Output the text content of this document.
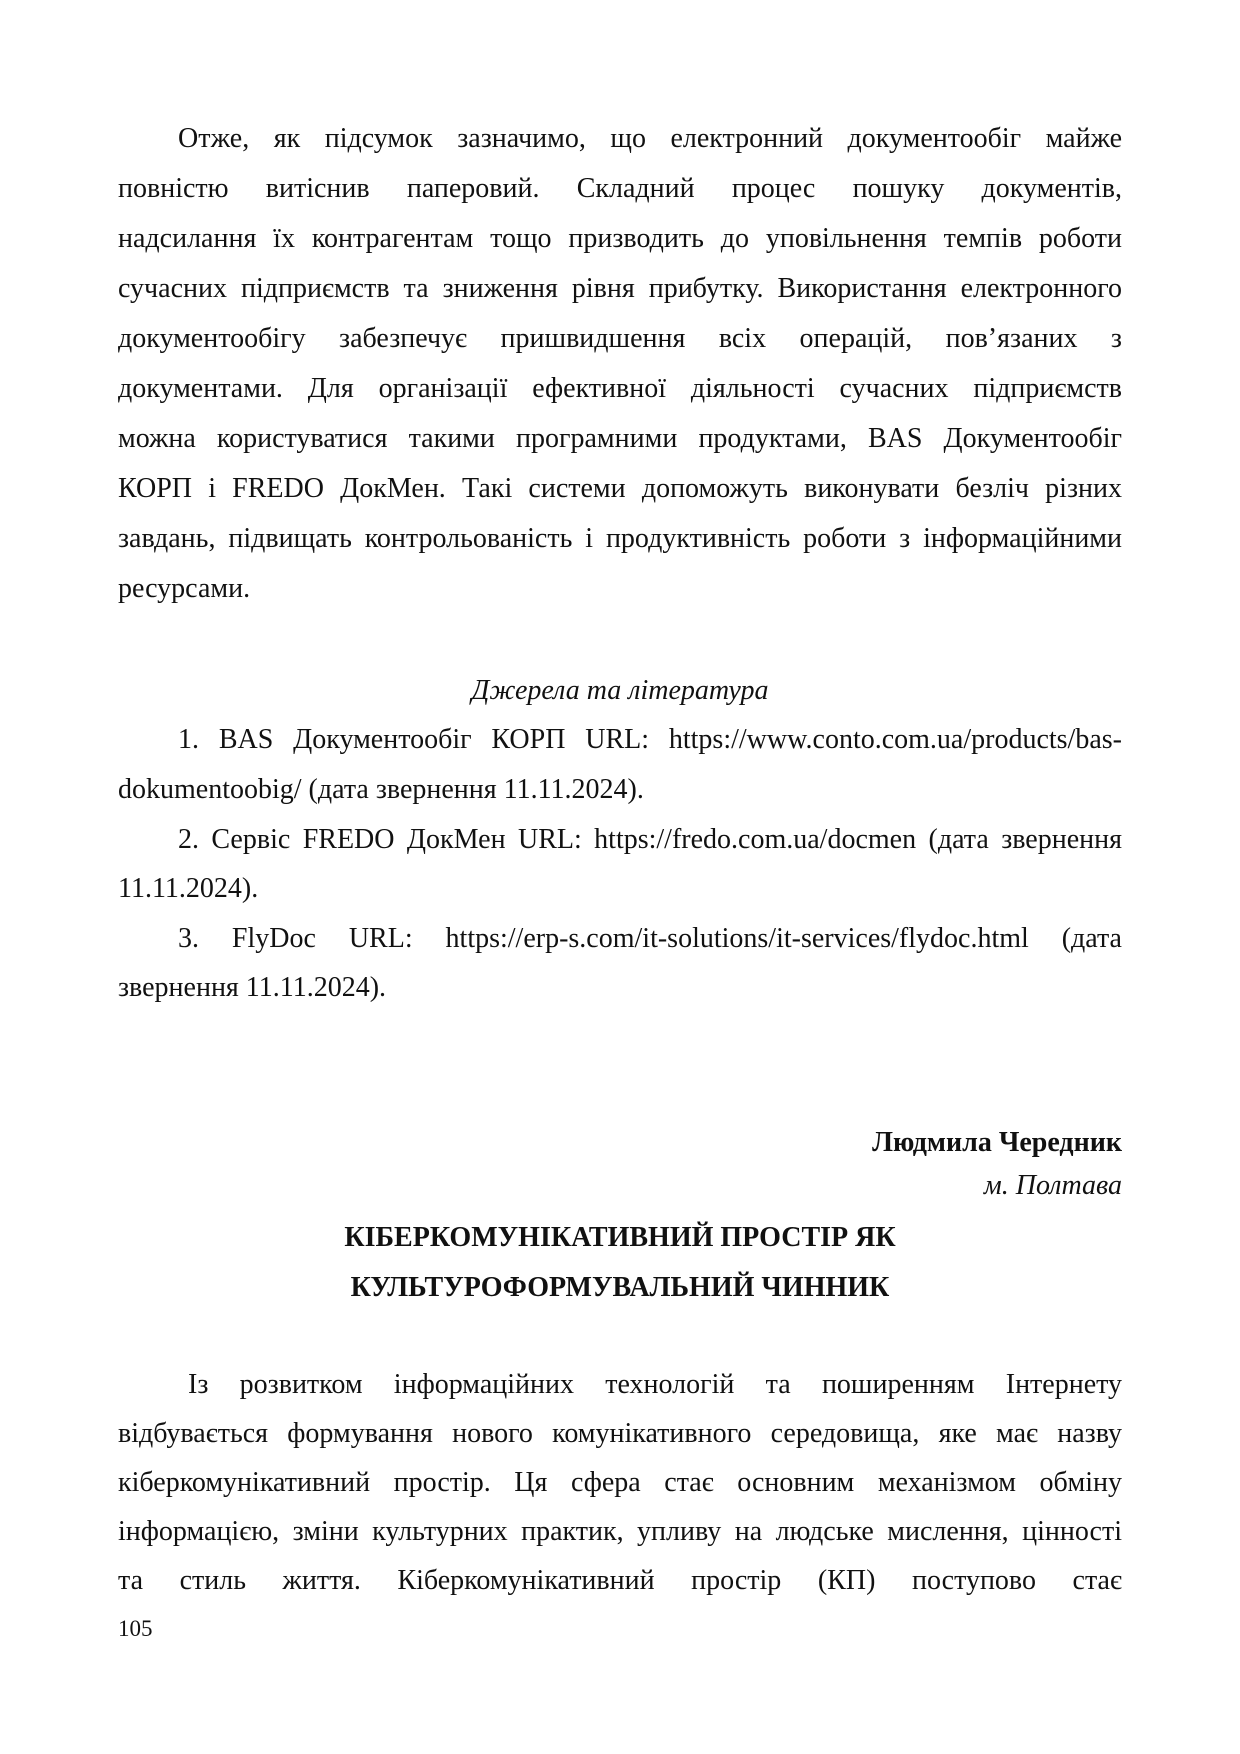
Отже, як підсумок зазначимо, що електронний документообіг майже
повністю витіснив паперовий. Складний процес пошуку документів,
надсилання їх контрагентам тощо призводить до уповільнення темпів роботи
сучасних підприємств та зниження рівня прибутку. Використання електронного
документообігу забезпечує пришвидшення всіх операцій, пов’язаних з
документами. Для організації ефективної діяльності сучасних підприємств
можна користуватися такими програмними продуктами, BAS Документообіг
КОРП і FREDO ДокМен. Такі системи допоможуть виконувати безліч різних
завдань, підвищать контрольованість і продуктивність роботи з інформаційними
ресурсами.
Джерела та література
1. BAS Документообіг КОРП URL: https://www.conto.com.ua/products/bas-
dokumentoobig/ (дата звернення 11.11.2024).
2. Сервіс FREDO ДокМен URL: https://fredo.com.ua/docmen (дата звернення
11.11.2024).
3. FlyDoc URL: https://erp-s.com/it-solutions/it-services/flydoc.html (дата
звернення 11.11.2024).
Людмила Чередник
м. Полтава
КІБЕРКОМУНІКАТИВНИЙ ПРОСТІР ЯК
КУЛЬТУРОФОРМУВАЛЬНИЙ ЧИННИК
Із розвитком інформаційних технологій та поширенням Інтернету
відбувається формування нового комунікативного середовища, яке має назву
кіберкомунікативний простір. Ця сфера стає основним механізмом обміну
інформацією, зміни культурних практик, упливу на людське мислення, цінності
та стиль життя. Кіберкомунікативний простір (КП) поступово стає
105
